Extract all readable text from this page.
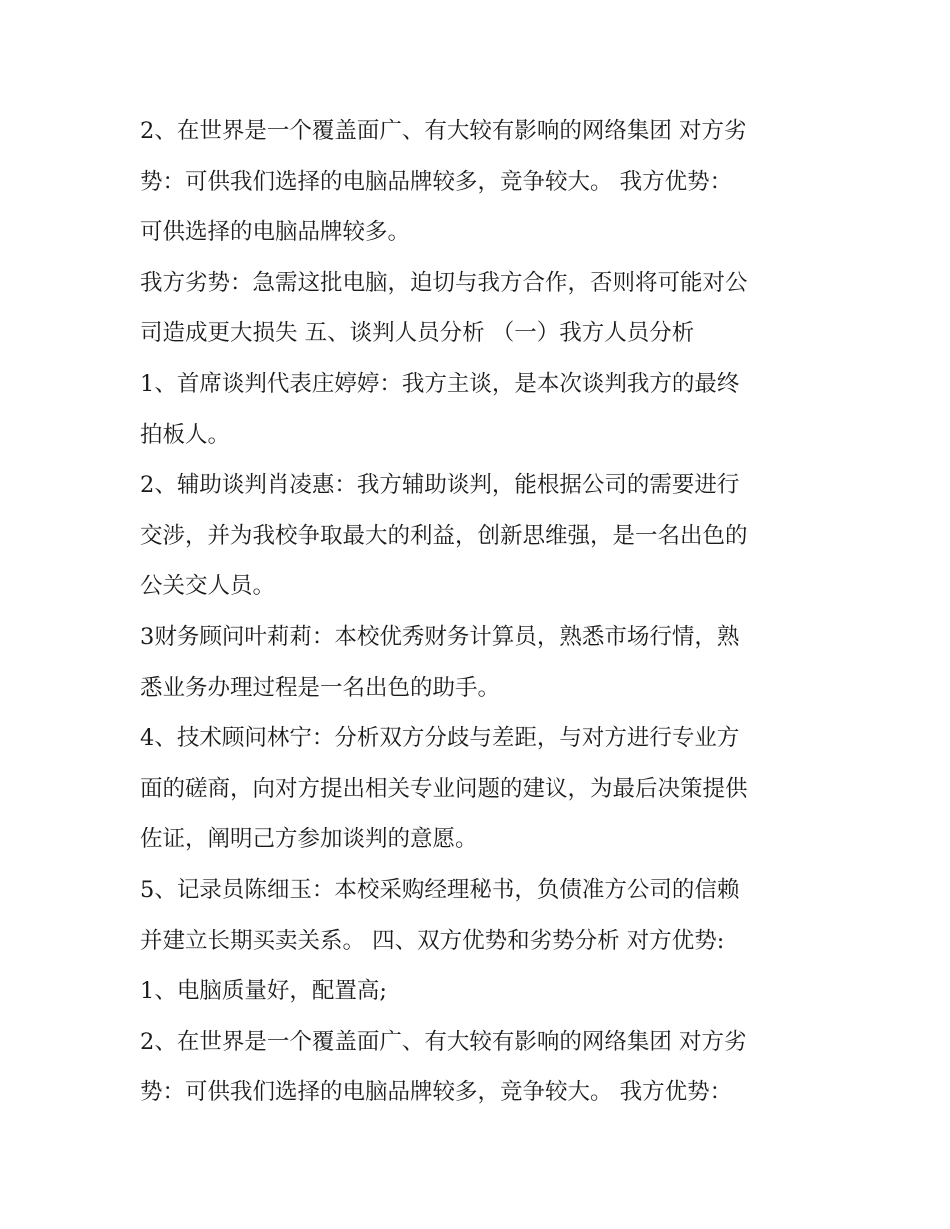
2、在世界是一个覆盖面广、有大较有影响的网络集团 对方劣
势：可供我们选择的电脑品牌较多，竞争较大。 我方优势：
可供选择的电脑品牌较多。
我方劣势：急需这批电脑，迫切与我方合作，否则将可能对公
司造成更大损失 五、谈判人员分析 （一）我方人员分析
1、首席谈判代表庄婷婷：我方主谈，是本次谈判我方的最终
拍板人。
2、辅助谈判肖凌惠：我方辅助谈判，能根据公司的需要进行
交涉，并为我校争取最大的利益，创新思维强，是一名出色的
公关交人员。
3财务顾问叶莉莉：本校优秀财务计算员，熟悉市场行情，熟
悉业务办理过程是一名出色的助手。
4、技术顾问林宁：分析双方分歧与差距，与对方进行专业方
面的磋商，向对方提出相关专业问题的建议，为最后决策提供
佐证，阐明己方参加谈判的意愿。
5、记录员陈细玉：本校采购经理秘书，负债准方公司的信赖
并建立长期买卖关系。 四、双方优势和劣势分析 对方优势:
1、电脑质量好，配置高;
2、在世界是一个覆盖面广、有大较有影响的网络集团 对方劣
势：可供我们选择的电脑品牌较多，竞争较大。 我方优势：
